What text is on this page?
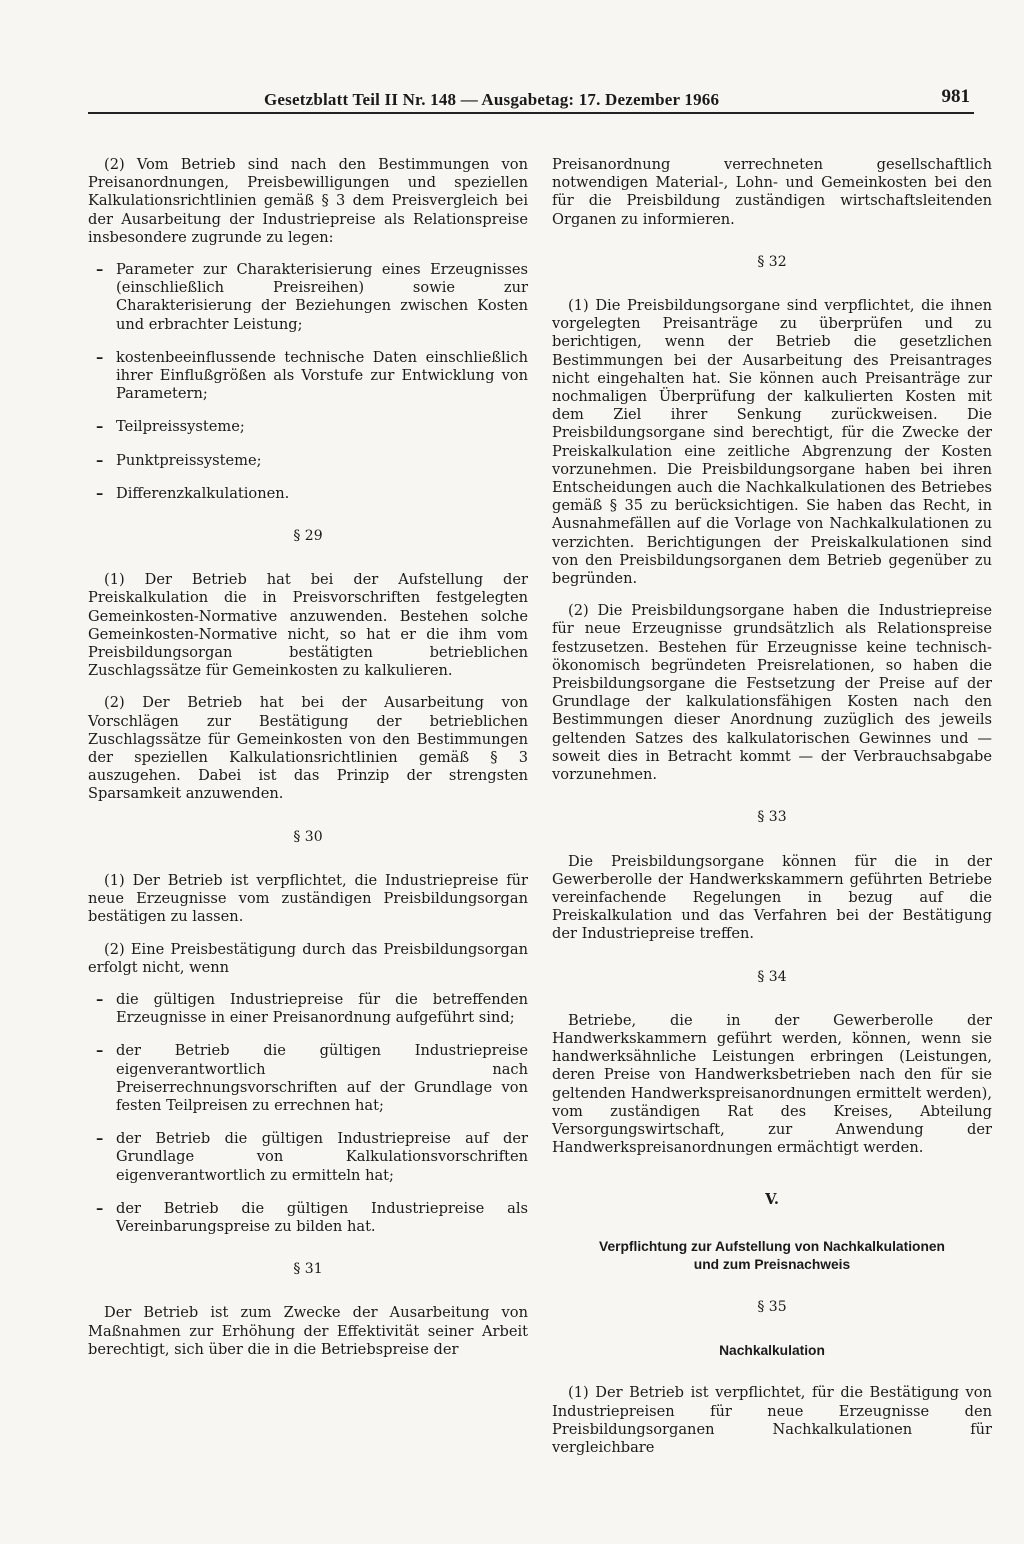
Gesetzblatt Teil II Nr. 148 — Ausgabetag: 17. Dezember 1966	981

(2) Vom Betrieb sind nach den Bestimmungen von Preisanordnungen, Preisbewilligungen und speziellen Kalkulationsrichtlinien gemäß § 3 dem Preisvergleich bei der Ausarbeitung der Industriepreise als Relationspreise insbesondere zugrunde zu legen:

– Parameter zur Charakterisierung eines Erzeugnisses (einschließlich Preisreihen) sowie zur Charakterisierung der Beziehungen zwischen Kosten und erbrachter Leistung;
– kostenbeeinflussende technische Daten einschließlich ihrer Einflußgrößen als Vorstufe zur Entwicklung von Parametern;
– Teilpreissysteme;
– Punktpreissysteme;
– Differenzkalkulationen.
§ 29

(1) Der Betrieb hat bei der Aufstellung der Preiskalkulation die in Preisvorschriften festgelegten Gemeinkosten-Normative anzuwenden. Bestehen solche Gemeinkosten-Normative nicht, so hat er die ihm vom Preisbildungsorgan bestätigten betrieblichen Zuschlagssätze für Gemeinkosten zu kalkulieren.

(2) Der Betrieb hat bei der Ausarbeitung von Vorschlägen zur Bestätigung der betrieblichen Zuschlagssätze für Gemeinkosten von den Bestimmungen der speziellen Kalkulationsrichtlinien gemäß § 3 auszugehen. Dabei ist das Prinzip der strengsten Sparsamkeit anzuwenden.

§ 30

(1) Der Betrieb ist verpflichtet, die Industriepreise für neue Erzeugnisse vom zuständigen Preisbildungsorgan bestätigen zu lassen.

(2) Eine Preisbestätigung durch das Preisbildungsorgan erfolgt nicht, wenn

– die gültigen Industriepreise für die betreffenden Erzeugnisse in einer Preisanordnung aufgeführt sind;
– der Betrieb die gültigen Industriepreise eigenverantwortlich nach Preiserrechnungsvorschriften auf der Grundlage von festen Teilpreisen zu errechnen hat;
– der Betrieb die gültigen Industriepreise auf der Grundlage von Kalkulationsvorschriften eigenverantwortlich zu ermitteln hat;
– der Betrieb die gültigen Industriepreise als Vereinbarungspreise zu bilden hat.
§ 31

Der Betrieb ist zum Zwecke der Ausarbeitung von Maßnahmen zur Erhöhung der Effektivität seiner Arbeit berechtigt, sich über die in die Betriebspreise der

Preisanordnung verrechneten gesellschaftlich notwendigen Material-, Lohn- und Gemeinkosten bei den für die Preisbildung zuständigen wirtschaftsleitenden Organen zu informieren.

§ 32

(1) Die Preisbildungsorgane sind verpflichtet, die ihnen vorgelegten Preisanträge zu überprüfen und zu berichtigen, wenn der Betrieb die gesetzlichen Bestimmungen bei der Ausarbeitung des Preisantrages nicht eingehalten hat. Sie können auch Preisanträge zur nochmaligen Überprüfung der kalkulierten Kosten mit dem Ziel ihrer Senkung zurückweisen. Die Preisbildungsorgane sind berechtigt, für die Zwecke der Preiskalkulation eine zeitliche Abgrenzung der Kosten vorzunehmen. Die Preisbildungsorgane haben bei ihren Entscheidungen auch die Nachkalkulationen des Betriebes gemäß § 35 zu berücksichtigen. Sie haben das Recht, in Ausnahmefällen auf die Vorlage von Nachkalkulationen zu verzichten. Berichtigungen der Preiskalkulationen sind von den Preisbildungsorganen dem Betrieb gegenüber zu begründen.

(2) Die Preisbildungsorgane haben die Industriepreise für neue Erzeugnisse grundsätzlich als Relationspreise festzusetzen. Bestehen für Erzeugnisse keine technisch-ökonomisch begründeten Preisrelationen, so haben die Preisbildungsorgane die Festsetzung der Preise auf der Grundlage der kalkulationsfähigen Kosten nach den Bestimmungen dieser Anordnung zuzüglich des jeweils geltenden Satzes des kalkulatorischen Gewinnes und — soweit dies in Betracht kommt — der Verbrauchsabgabe vorzunehmen.

§ 33

Die Preisbildungsorgane können für die in der Gewerberolle der Handwerkskammern geführten Betriebe vereinfachende Regelungen in bezug auf die Preiskalkulation und das Verfahren bei der Bestätigung der Industriepreise treffen.

§ 34

Betriebe, die in der Gewerberolle der Handwerkskammern geführt werden, können, wenn sie handwerksähnliche Leistungen erbringen (Leistungen, deren Preise von Handwerksbetrieben nach den für sie geltenden Handwerkspreisanordnungen ermittelt werden), vom zuständigen Rat des Kreises, Abteilung Versorgungswirtschaft, zur Anwendung der Handwerkspreisanordnungen ermächtigt werden.

V.
Verpflichtung zur Aufstellung von Nachkalkulationen
und zum Preisnachweis
§ 35
Nachkalkulation

(1) Der Betrieb ist verpflichtet, für die Bestätigung von Industriepreisen für neue Erzeugnisse den Preisbildungsorganen Nachkalkulationen für vergleichbare
